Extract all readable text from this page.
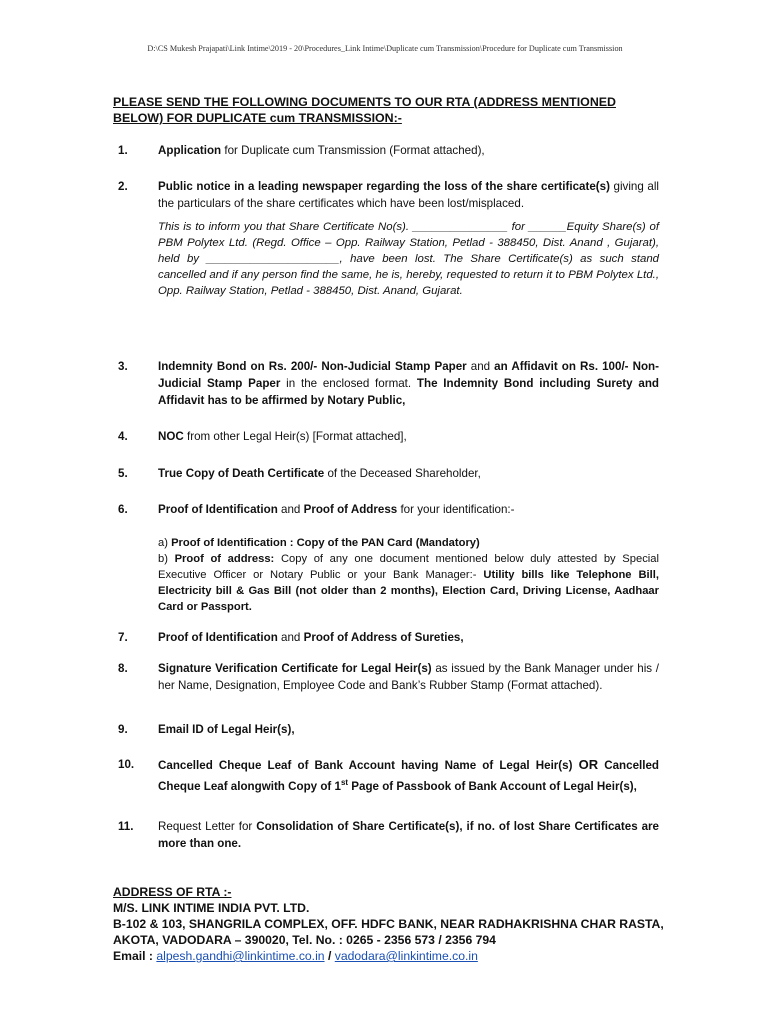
D:\CS Mukesh Prajapati\Link Intime\2019 - 20\Procedures_Link Intime\Duplicate cum Transmission\Procedure for Duplicate cum Transmission
PLEASE SEND THE FOLLOWING DOCUMENTS TO OUR RTA (ADDRESS MENTIONED BELOW) FOR DUPLICATE cum TRANSMISSION:-
1.	Application for Duplicate cum Transmission (Format attached),
2.	Public notice in a leading newspaper regarding the loss of the share certificate(s) giving all the particulars of the share certificates which have been lost/misplaced.
This is to inform you that Share Certificate No(s). _______________ for ______Equity Share(s) of PBM Polytex Ltd. (Regd. Office – Opp. Railway Station, Petlad - 388450, Dist. Anand , Gujarat), held by _____________________, have been lost. The Share Certificate(s) as such stand cancelled and if any person find the same, he is, hereby, requested to return it to PBM Polytex Ltd., Opp. Railway Station, Petlad - 388450, Dist. Anand, Gujarat.
3.	Indemnity Bond on Rs. 200/- Non-Judicial Stamp Paper and an Affidavit on Rs. 100/- Non-Judicial Stamp Paper in the enclosed format. The Indemnity Bond including Surety and Affidavit has to be affirmed by Notary Public,
4.	NOC from other Legal Heir(s) [Format attached],
5.	True Copy of Death Certificate of the Deceased Shareholder,
6.	Proof of Identification and Proof of Address for your identification:-
a) Proof of Identification : Copy of the PAN Card (Mandatory)
b) Proof of address: Copy of any one document mentioned below duly attested by Special Executive Officer or Notary Public or your Bank Manager:- Utility bills like Telephone Bill, Electricity bill & Gas Bill (not older than 2 months), Election Card, Driving License, Aadhaar Card or Passport.
7.	Proof of Identification and Proof of Address of Sureties,
8.	Signature Verification Certificate for Legal Heir(s) as issued by the Bank Manager under his / her Name, Designation, Employee Code and Bank’s Rubber Stamp (Format attached).
9.	Email ID of Legal Heir(s),
10. Cancelled Cheque Leaf of Bank Account having Name of Legal Heir(s) OR Cancelled Cheque Leaf alongwith Copy of 1st Page of Passbook of Bank Account of Legal Heir(s),
11. Request Letter for Consolidation of Share Certificate(s), if no. of lost Share Certificates are more than one.
ADDRESS OF RTA :-
M/S. LINK INTIME INDIA PVT. LTD.
B-102 & 103, SHANGRILA COMPLEX, OFF. HDFC BANK, NEAR RADHAKRISHNA CHAR RASTA, AKOTA, VADODARA – 390020, Tel. No. : 0265 - 2356 573 / 2356 794
Email : alpesh.gandhi@linkintime.co.in / vadodara@linkintime.co.in
